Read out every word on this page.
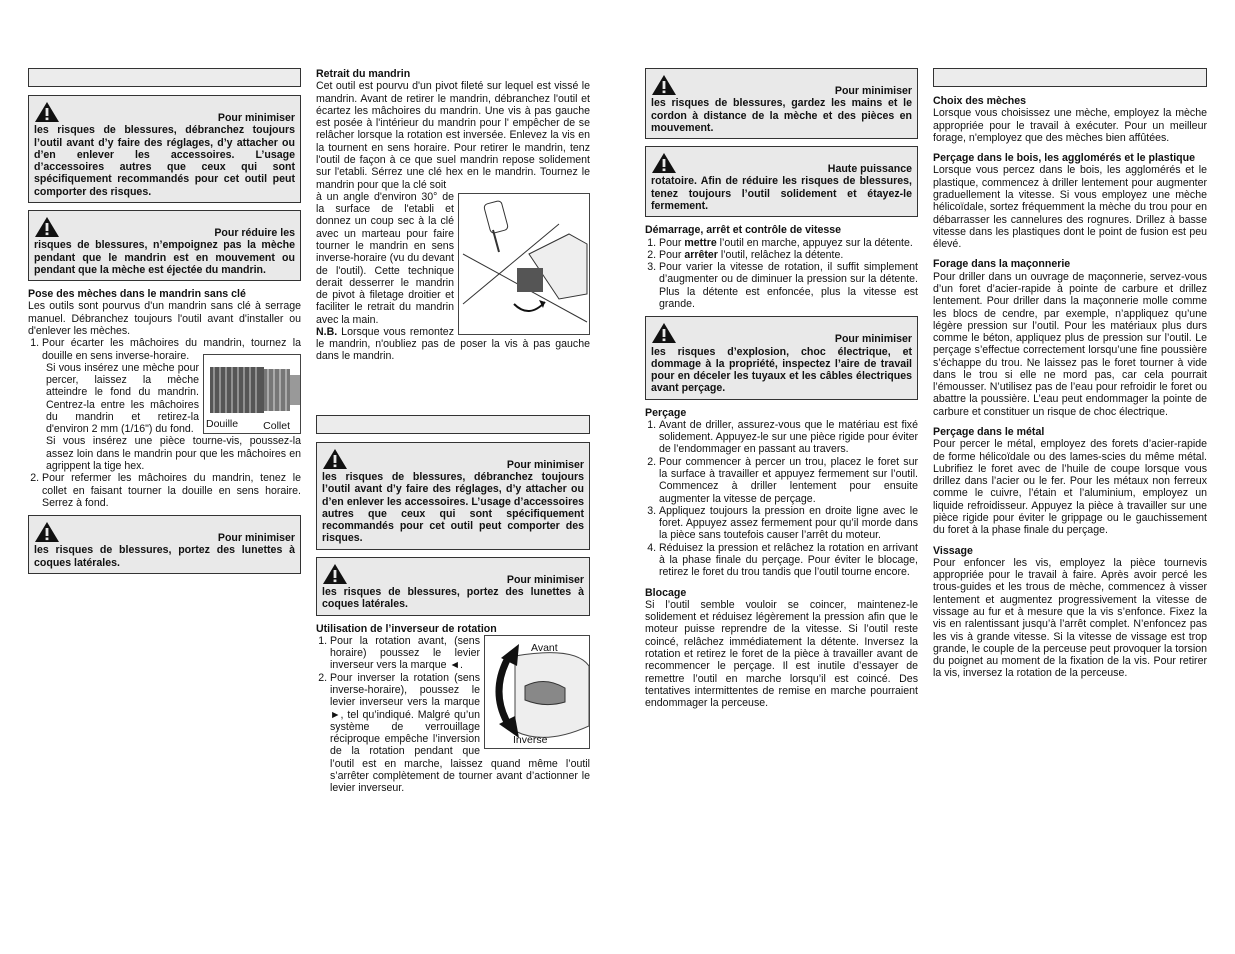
Pour minimiser
les risques de blessures, débranchez toujours l’outil avant d’y faire des réglages, d’y attacher ou d’en enlever les accessoires. L’usage d’accessoires autres que ceux qui sont spécifiquement recommandés pour cet outil peut comporter des risques.
Pour réduire les
risques de blessures, n’empoignez pas la mèche pendant que le mandrin est en mouvement ou pendant que la mèche est éjectée du mandrin.
Pose des mèches dans le mandrin sans clé

Les outils sont pourvus d'un mandrin sans clé à serrage manuel. Débranchez toujours l'outil avant d'installer ou d'enlever les mèches.

1. Pour écarter les mâchoires du mandrin, tournez la douille en sens inverse-horaire.
Douille Collet

Si vous insérez une mèche pour percer, laissez la mèche atteindre le fond du mandrin. Centrez-la entre les mâchoires du mandrin et retirez-la d'environ 2 mm (1/16") du fond.

Si vous insérez une pièce tourne-vis, poussez-la assez loin dans le mandrin pour que les mâchoires en agrippent la tige hex.

2. Pour refermer les mâchoires du mandrin, tenez le collet en faisant tourner la douille en sens horaire. Serrez à fond.
Pour minimiser
les risques de blessures, portez des lunettes à coques latérales.
Retrait du mandrin

Cet outil est pourvu d'un pivot fileté sur lequel est vissé le mandrin. Avant de retirer le mandrin, débranchez l'outil et écartez les mâchoires du mandrin. Une vis à pas gauche est posée à l'intérieur du mandrin pour l' empêcher de se relâcher lorsque la rotation est inversée. Enlevez la vis en la tournent en sens horaire. Pour retirer le mandrin, tenz l'outil de façon à ce que suel mandrin repose solidement sur l'etabli. Sérrez une clé hex en le mandrin. Tournez le mandrin pour que la clé soit

à un angle d'environ 30° de la surface de l'etabli et donnez un coup sec à la clé avec un marteau pour faire tourner le mandrin en sens inverse-horaire (vu du devant de l'outil). Cette technique derait desserrer le mandrin de pivot à filetage droitier et faciliter le retrait du mandrin avec la main.

N.B. Lorsque vous remontez le mandrin, n'oubliez pas de poser la vis à pas gauche dans le mandrin.

Pour minimiser
les risques de blessures, débranchez toujours l’outil avant d’y faire des réglages, d’y attacher ou d’en enlever les accessoires. L’usage d’accessoires autres que ceux qui sont spécifiquement recommandés pour cet outil peut comporter des risques.
Pour minimiser
les risques de blessures, portez des lunettes à coques latérales.
Utilisation de l’inverseur de rotation
Avant
Inverse
1. Pour la rotation avant, (sens horaire) poussez le levier inverseur vers la marque ◄.
2. Pour inverser la rotation (sens inverse-horaire), poussez le levier inverseur vers la marque ►, tel qu’indiqué. Malgré qu’un système de verrouillage réciproque empêche l’inversion de la rotation pendant que l’outil est en marche, laissez quand même l’outil s’arrêter complètement de tourner avant d’actionner le levier inverseur.
Pour minimiser
les risques de blessures, gardez les mains et le cordon à distance de la mèche et des pièces en mouvement.
Haute puissance
rotatoire. Afin de réduire les risques de blessures, tenez toujours l’outil solidement et étayez-le fermement.
Démarrage, arrêt et contrôle de vitesse
1. Pour mettre l’outil en marche, appuyez sur la détente.
2. Pour arrêter l’outil, relâchez la détente.
3. Pour varier la vitesse de rotation, il suffit simplement d’augmenter ou de diminuer la pression sur la détente. Plus la détente est enfoncée, plus la vitesse est grande.
Pour minimiser
les risques d’explosion, choc électrique, et dommage à la propriété, inspectez l’aire de travail pour en déceler les tuyaux et les câbles électriques avant perçage.
Perçage
1. Avant de driller, assurez-vous que le matériau est fixé solidement. Appuyez-le sur une pièce rigide pour éviter de l’endommager en passant au travers.
2. Pour commencer à percer un trou, placez le foret sur la surface à travailler et appuyez fermement sur l’outil. Commencez à driller lentement pour ensuite augmenter la vitesse de perçage.
3. Appliquez toujours la pression en droite ligne avec le foret. Appuyez assez fermement pour qu’il morde dans la pièce sans toutefois causer l’arrêt du moteur.
4. Réduisez la pression et relâchez la rotation en arrivant à la phase finale du perçage. Pour éviter le blocage, retirez le foret du trou tandis que l’outil tourne encore.
Blocage

Si l’outil semble vouloir se coincer, maintenez-le solidement et réduisez légèrement la pression afin que le moteur puisse reprendre de la vitesse. Si l’outil reste coincé, relâchez immédiatement la détente. Inversez la rotation et retirez le foret de la pièce à travailler avant de recommencer le perçage. Il est inutile d’essayer de remettre l’outil en marche lorsqu’il est coincé. Des tentatives intermittentes de remise en marche pourraient endommager la perceuse.

Choix des mèches

Lorsque vous choisissez une mèche, employez la mèche appropriée pour le travail à exécuter. Pour un meilleur forage, n'employez que des mèches bien affûtées.

Perçage dans le bois, les agglomérés et le plastique

Lorsque vous percez dans le bois, les agglomérés et le plastique, commencez à driller lentement pour augmenter graduellement la vitesse. Si vous employez une mèche hélicoïdale, sortez fréquemment la mèche du trou pour en débarrasser les cannelures des rognures. Drillez à basse vitesse dans les plastiques dont le point de fusion est peu élevé.

Forage dans la maçonnerie

Pour driller dans un ouvrage de maçonnerie, servez-vous d’un foret d’acier-rapide à pointe de carbure et drillez lentement. Pour driller dans la maçonnerie molle comme les blocs de cendre, par exemple, n’appliquez qu’une légère pression sur l’outil. Pour les matériaux plus durs comme le béton, appliquez plus de pression sur l’outil. Le perçage s’effectue correctement lorsqu’une fine poussière s’échappe du trou. Ne laissez pas le foret tourner à vide dans le trou si elle ne mord pas, car cela pourrait l’émousser. N’utilisez pas de l’eau pour refroidir le foret ou abattre la poussière. L’eau peut endommager la pointe de carbure et constituer un risque de choc électrique.

Perçage dans le métal

Pour percer le métal, employez des forets d’acier-rapide de forme hélicoïdale ou des lames-scies du même métal. Lubrifiez le foret avec de l’huile de coupe lorsque vous drillez dans l’acier ou le fer. Pour les métaux non ferreux comme le cuivre, l’étain et l’aluminium, employez un liquide refroidisseur. Appuyez la pièce à travailler sur une pièce rigide pour éviter le grippage ou le gauchissement du foret à la phase finale du perçage.

Vissage

Pour enfoncer les vis, employez la pièce tournevis appropriée pour le travail à faire. Après avoir percé les trous-guides et les trous de mèche, commencez à visser lentement et augmentez progressivement la vitesse de vissage au fur et à mesure que la vis s’enfonce. Fixez la vis en ralentissant jusqu’à l’arrêt complet. N’enfoncez pas les vis à grande vitesse. Si la vitesse de vissage est trop grande, le couple de la perceuse peut provoquer la torsion du poignet au moment de la fixation de la vis. Pour retirer la vis, inversez la rotation de la perceuse.
